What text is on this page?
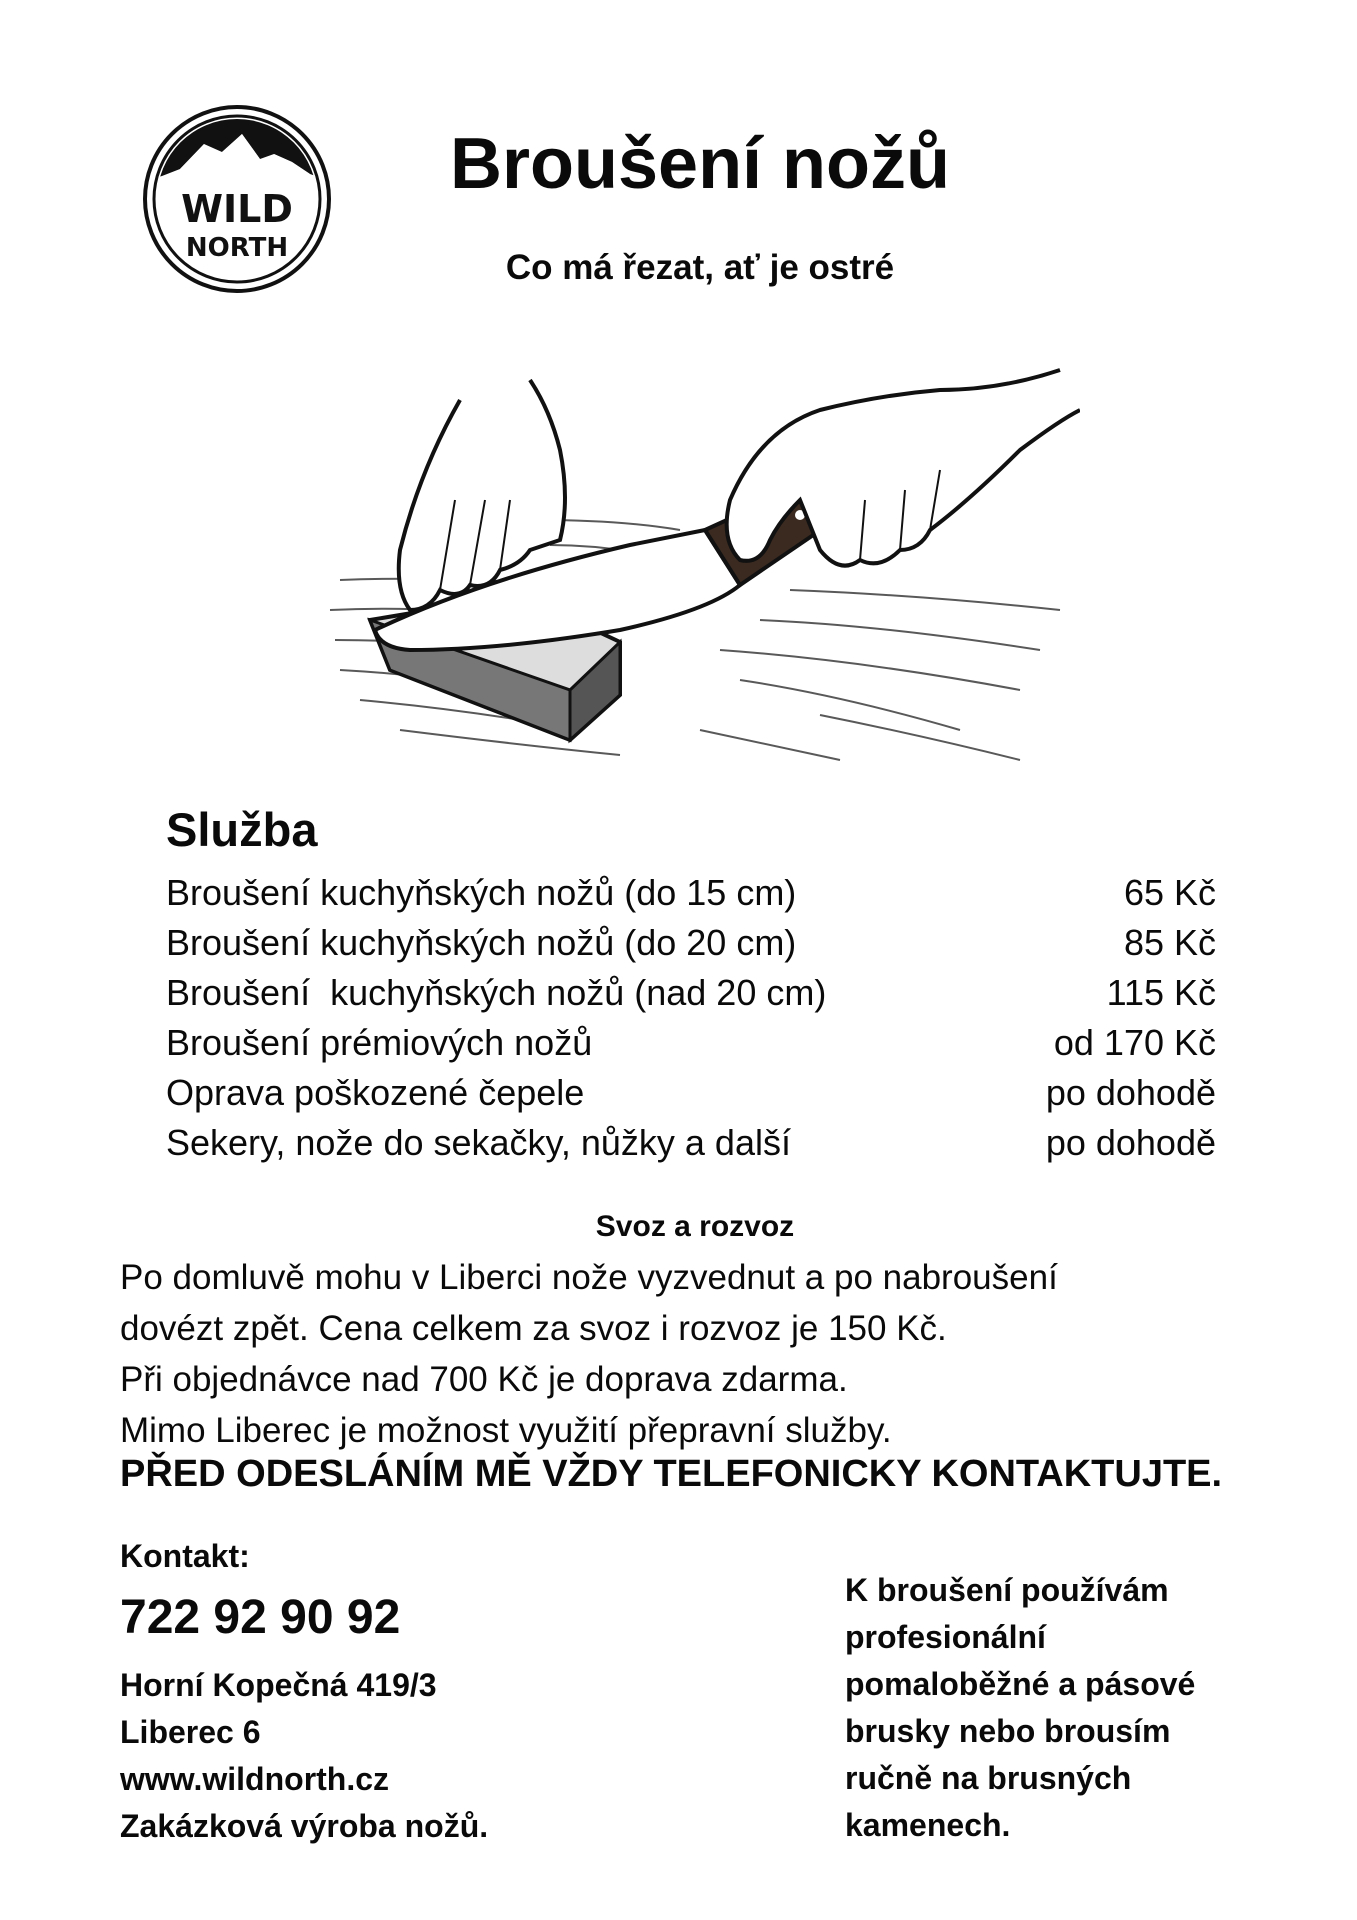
WILD
NORTH
Broušení nožů
Co má řezat, ať je ostré
Služba
Broušení kuchyňských nožů (do 15 cm)	65 Kč
Broušení kuchyňských nožů (do 20 cm)	85 Kč
Broušení  kuchyňských nožů (nad 20 cm)	115 Kč
Broušení prémiových nožů	od 170 Kč
Oprava poškozené čepele	po dohodě
Sekery, nože do sekačky, nůžky a další	po dohodě
Svoz a rozvoz
Po domluvě mohu v Liberci nože vyzvednut a po nabroušení
dovézt zpět. Cena celkem za svoz i rozvoz je 150 Kč.
Při objednávce nad 700 Kč je doprava zdarma.
Mimo Liberec je možnost využití přepravní služby.
PŘED ODESLÁNÍM MĚ VŽDY TELEFONICKY KONTAKTUJTE.
Kontakt:
722 92 90 92
Horní Kopečná 419/3
Liberec 6
www.wildnorth.cz
Zakázková výroba nožů.
K broušení používám
profesionální
pomaloběžné a pásové
brusky nebo brousím
ručně na brusných
kamenech.
